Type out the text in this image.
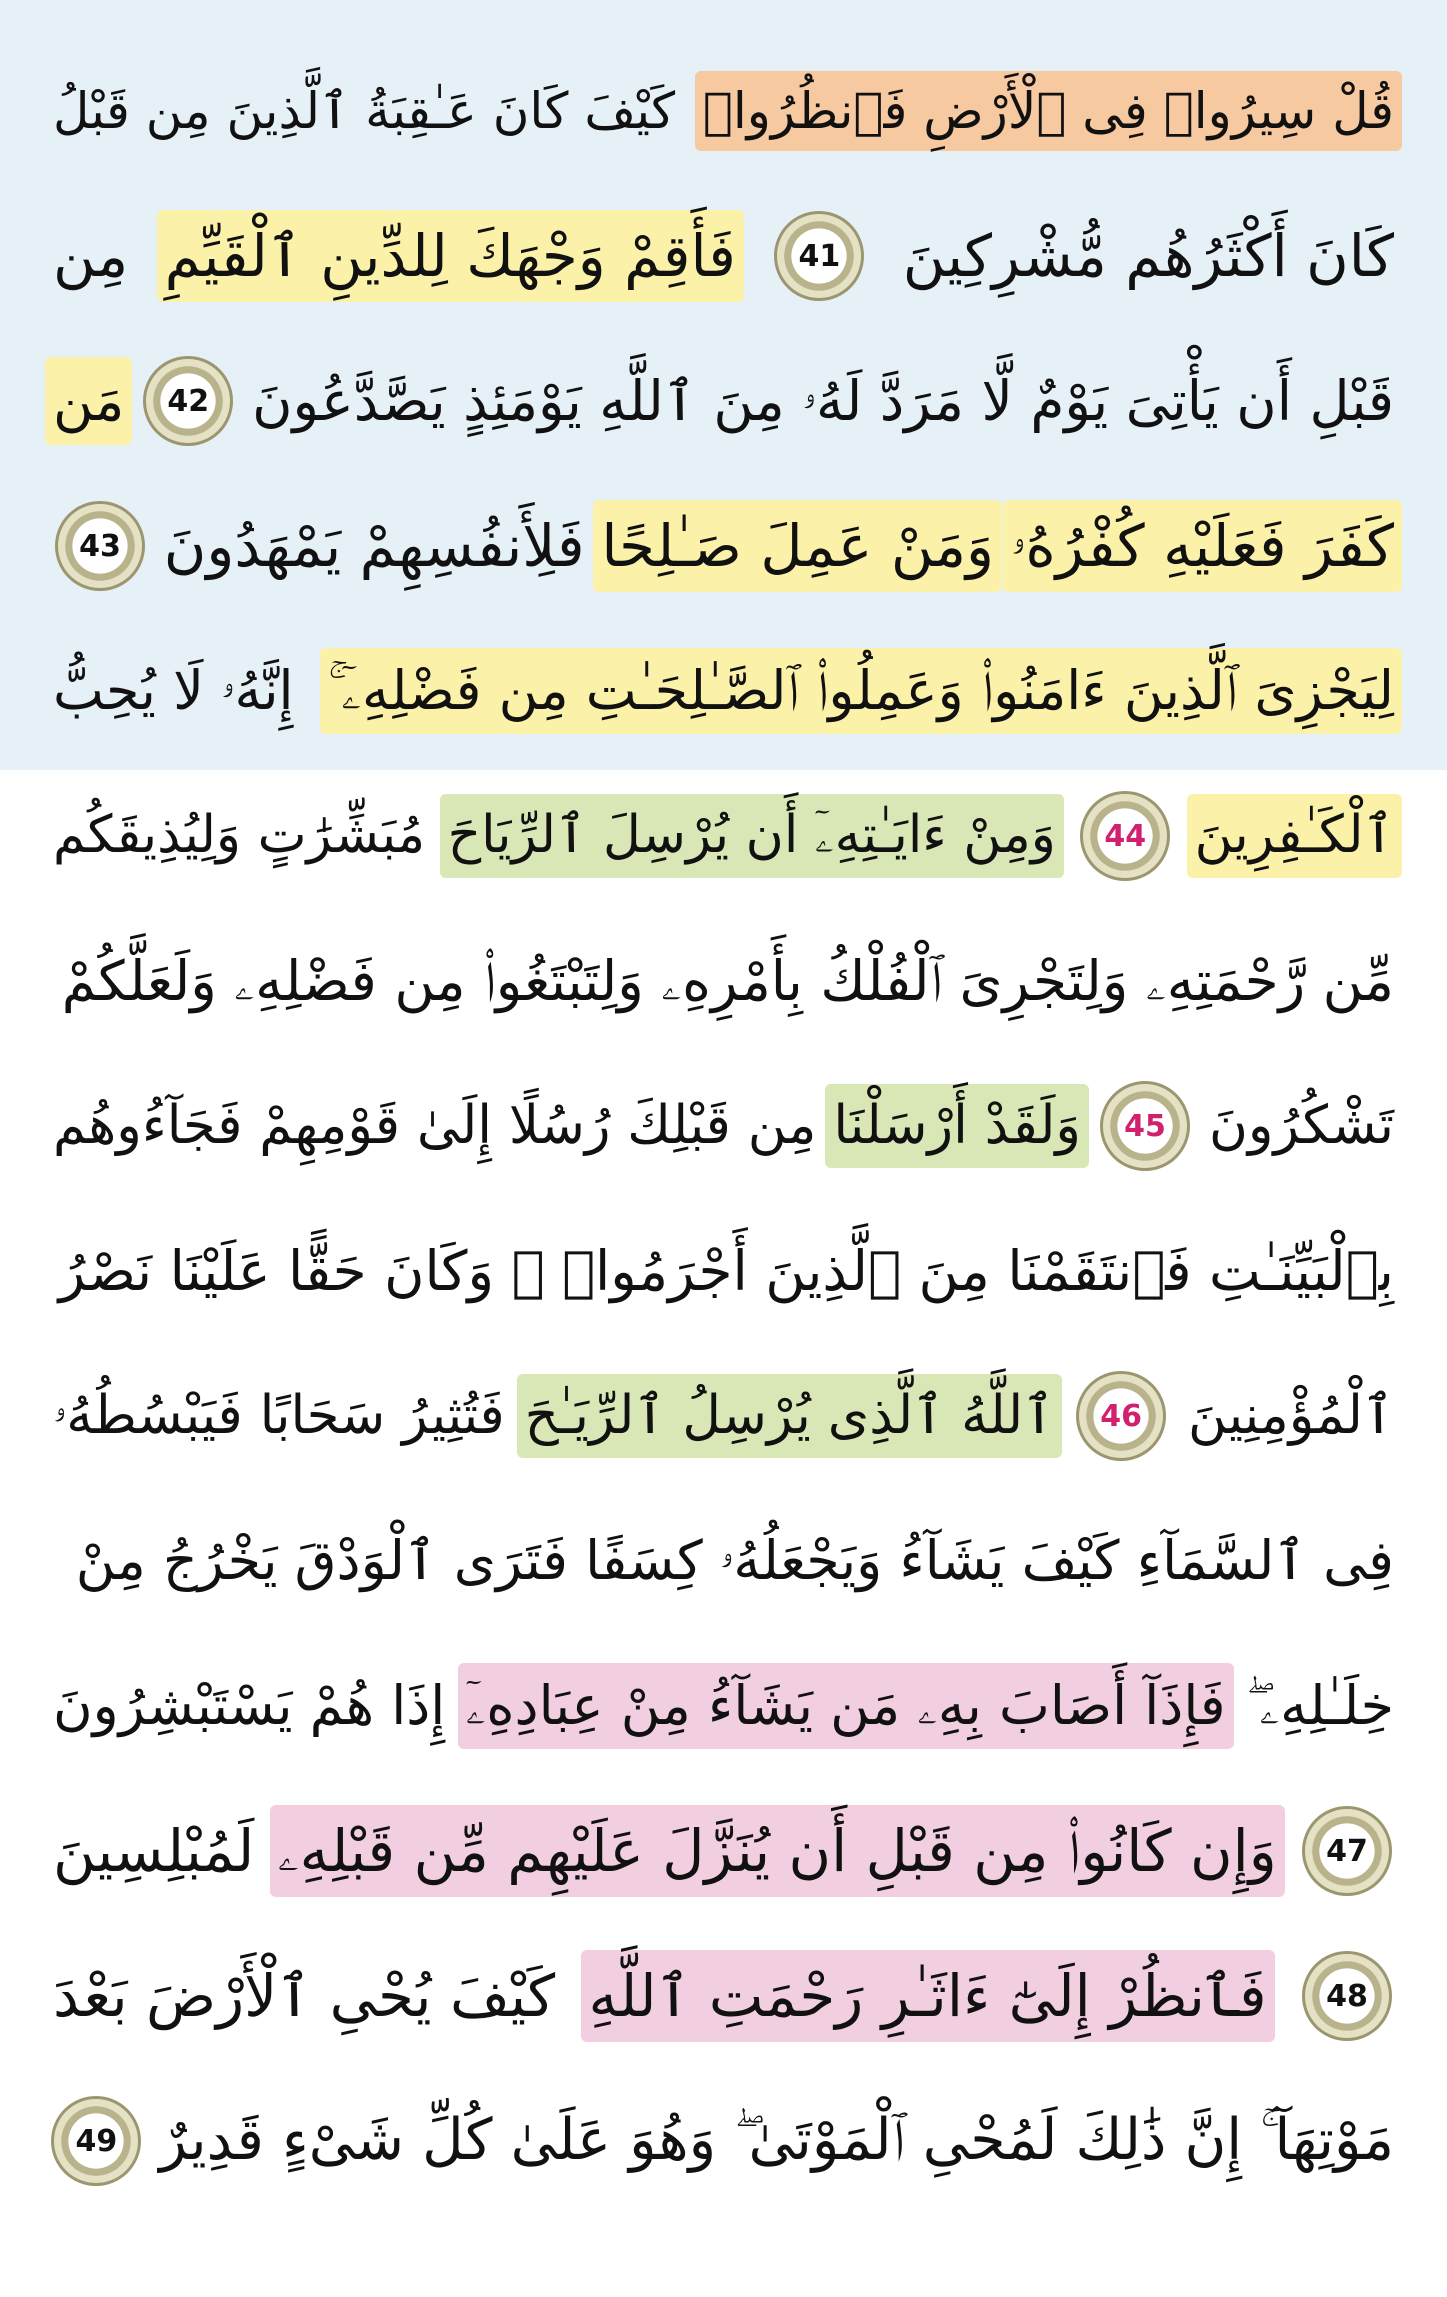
قُلْ سِيرُوا۟ فِى ٱلْأَرْضِ فَٱنظُرُوا۟
كَيْفَ كَانَ عَـٰقِبَةُ ٱلَّذِينَ مِن قَبْلُ
كَانَ أَكْثَرُهُم مُّشْرِكِينَ
41
فَأَقِمْ وَجْهَكَ لِلدِّينِ ٱلْقَيِّمِ
مِن
قَبْلِ أَن يَأْتِىَ يَوْمٌ لَّا مَرَدَّ لَهُۥ مِنَ ٱللَّهِ يَوْمَئِذٍ يَصَّدَّعُونَ
42
مَن
كَفَرَ فَعَلَيْهِ كُفْرُهُۥ
وَمَنْ عَمِلَ صَـٰلِحًا
فَلِأَنفُسِهِمْ يَمْهَدُونَ
43
لِيَجْزِىَ ٱلَّذِينَ ءَامَنُوا۟ وَعَمِلُوا۟ ٱلصَّـٰلِحَـٰتِ مِن فَضْلِهِۦٓ ۚ
إِنَّهُۥ لَا يُحِبُّ
ٱلْكَـٰفِرِينَ
44
وَمِنْ ءَايَـٰتِهِۦٓ أَن يُرْسِلَ ٱلرِّيَاحَ
مُبَشِّرَٰتٍ وَلِيُذِيقَكُم
مِّن رَّحْمَتِهِۦ وَلِتَجْرِىَ ٱلْفُلْكُ بِأَمْرِهِۦ وَلِتَبْتَغُوا۟ مِن فَضْلِهِۦ وَلَعَلَّكُمْ
تَشْكُرُونَ
45
وَلَقَدْ أَرْسَلْنَا
مِن قَبْلِكَ رُسُلًا إِلَىٰ قَوْمِهِمْ فَجَآءُوهُم
بِٱلْبَيِّنَـٰتِ فَٱنتَقَمْنَا مِنَ ٱلَّذِينَ أَجْرَمُوا۟ ۖ وَكَانَ حَقًّا عَلَيْنَا نَصْرُ
ٱلْمُؤْمِنِينَ
46
ٱللَّهُ ٱلَّذِى يُرْسِلُ ٱلرِّيَـٰحَ
فَتُثِيرُ سَحَابًا فَيَبْسُطُهُۥ
فِى ٱلسَّمَآءِ كَيْفَ يَشَآءُ وَيَجْعَلُهُۥ كِسَفًا فَتَرَى ٱلْوَدْقَ يَخْرُجُ مِنْ
خِلَـٰلِهِۦ ۖ
فَإِذَآ أَصَابَ بِهِۦ مَن يَشَآءُ مِنْ عِبَادِهِۦٓ
إِذَا هُمْ يَسْتَبْشِرُونَ
47
وَإِن كَانُوا۟ مِن قَبْلِ أَن يُنَزَّلَ عَلَيْهِم مِّن قَبْلِهِۦ
لَمُبْلِسِينَ
48
فَٱنظُرْ إِلَىٰٓ ءَاثَـٰرِ رَحْمَتِ ٱللَّهِ
كَيْفَ يُحْىِ ٱلْأَرْضَ بَعْدَ
مَوْتِهَآ ۚ إِنَّ ذَٰلِكَ لَمُحْىِ ٱلْمَوْتَىٰ ۖ وَهُوَ عَلَىٰ كُلِّ شَىْءٍ قَدِيرٌ
49
